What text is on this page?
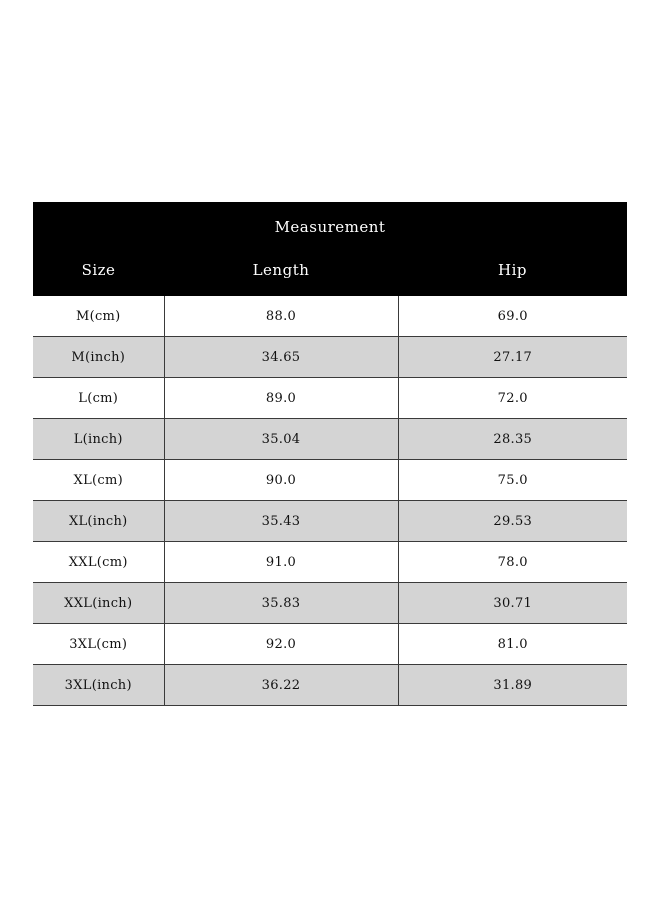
Measurement		
Size	Length	Hip
M(cm)	88.0	69.0
M(inch)	34.65	27.17
L(cm)	89.0	72.0
L(inch)	35.04	28.35
XL(cm)	90.0	75.0
XL(inch)	35.43	29.53
XXL(cm)	91.0	78.0
XXL(inch)	35.83	30.71
3XL(cm)	92.0	81.0
3XL(inch)	36.22	31.89
